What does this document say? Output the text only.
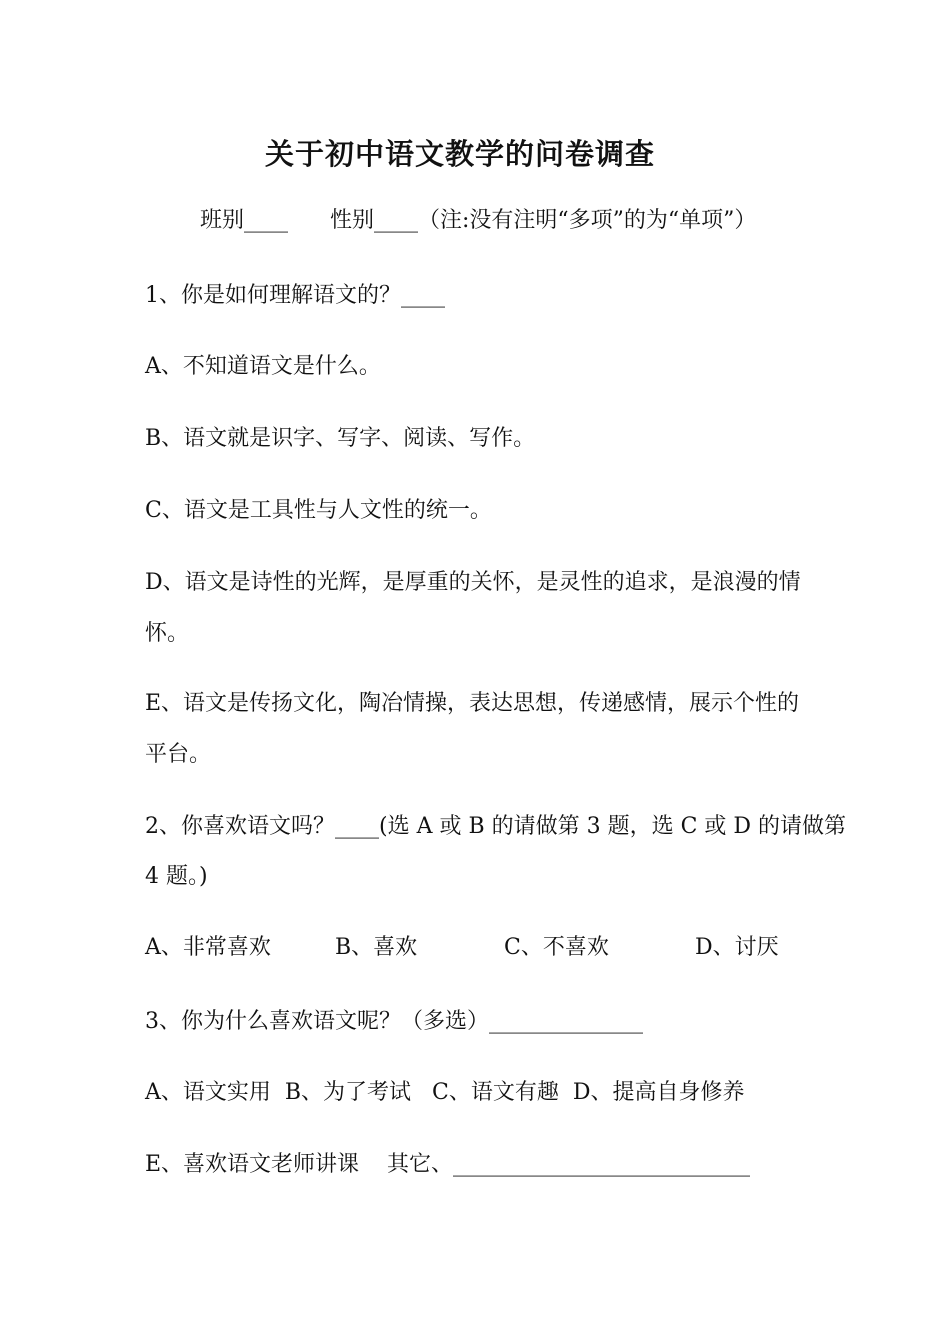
关于初中语文教学的问卷调查
班别____      性别____（注:没有注明“多项”的为“单项”）
1、你是如何理解语文的？____
A、不知道语文是什么。
B、语文就是识字、写字、阅读、写作。
C、语文是工具性与人文性的统一。
D、语文是诗性的光辉，是厚重的关怀，是灵性的追求，是浪漫的情
怀。
E、语文是传扬文化，陶冶情操，表达思想，传递感情，展示个性的
平台。
2、你喜欢语文吗？____(选 A 或 B 的请做第 3 题，选 C 或 D 的请做第
4 题。)
A、非常喜欢	B、喜欢	C、不喜欢	D、讨厌
3、你为什么喜欢语文呢？（多选）______________
A、语文实用  B、为了考试   C、语文有趣  D、提高自身修养
E、喜欢语文老师讲课    其它、___________________________
